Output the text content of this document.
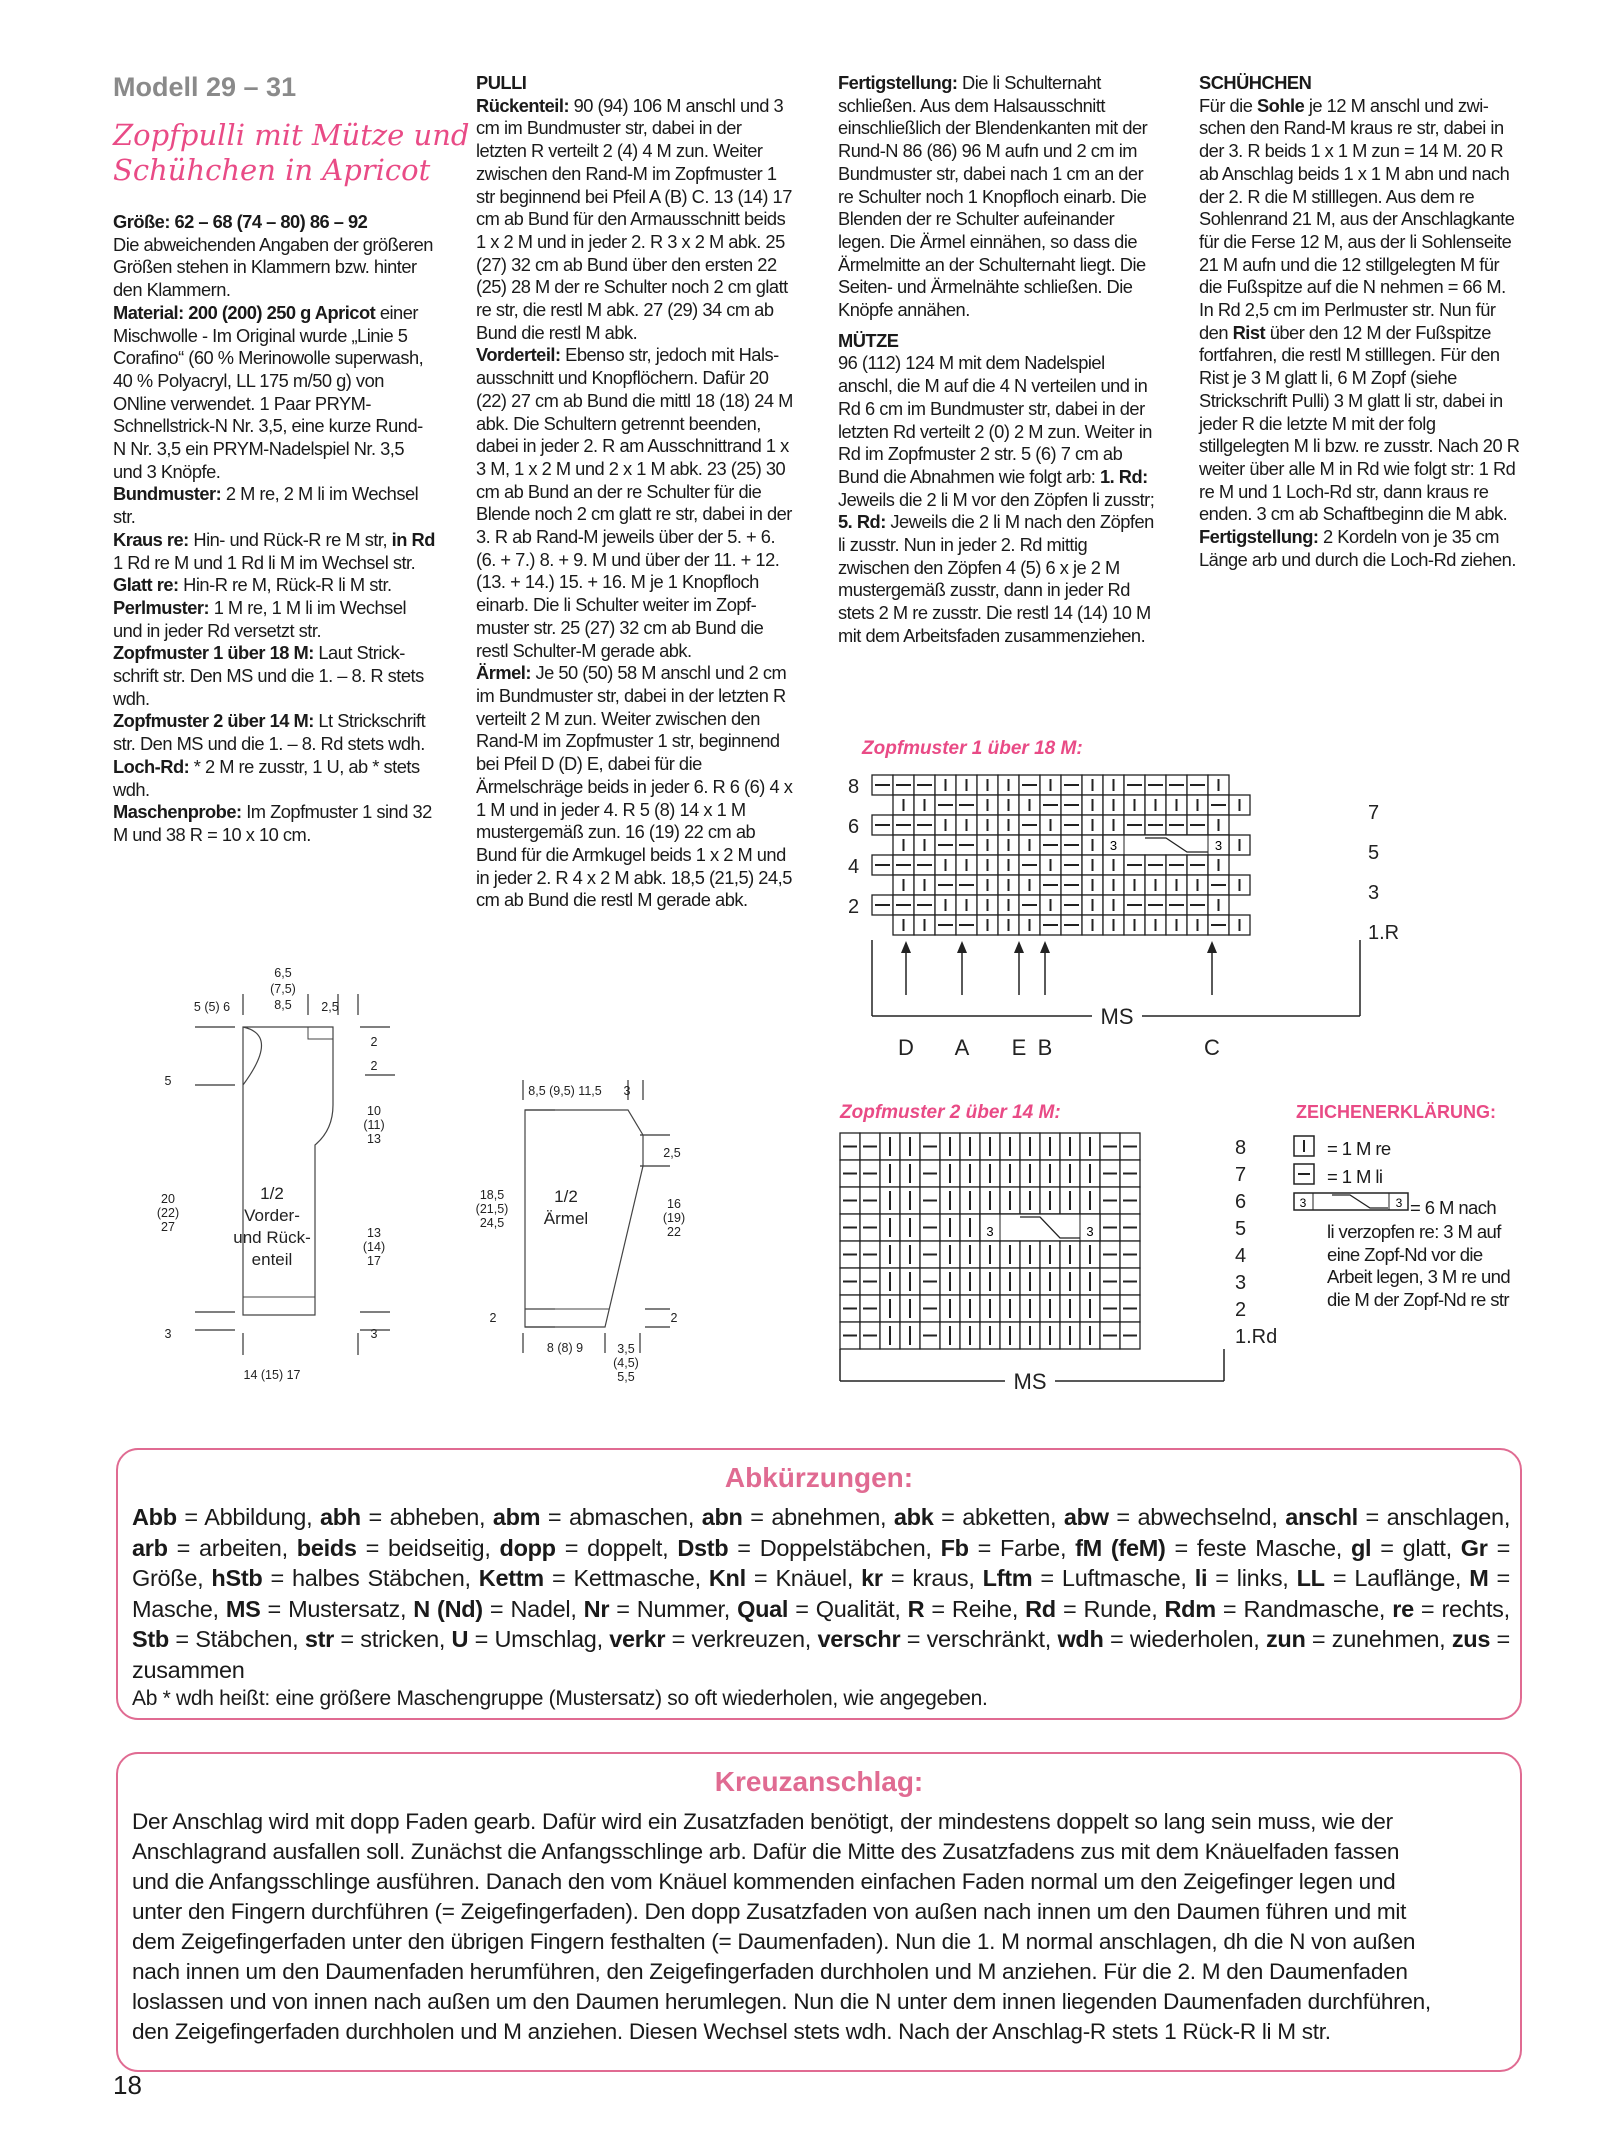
Modell 29 – 31
Zopfpulli mit Mütze und
Schühchen in Apricot

Größe: 62 – 68 (74 – 80) 86 – 92

Die abweichenden Angaben der größeren Größen stehen in Klammern bzw. hinter den Klammern.

Material: 200 (200) 250 g Apricot einer Mischwolle - Im Original wurde „Linie 5 Corafino“ (60 % Merinowolle superwash, 40 % Polyacryl, LL 175 m/50 g) von ONline verwendet. 1 Paar PRYM-Schnellstrick-N Nr. 3,5, eine kurze Rund-N Nr. 3,5 ein PRYM-Nadelspiel Nr. 3,5 und 3 Knöpfe.

Bundmuster: 2 M re, 2 M li im Wechsel str.

Kraus re: Hin- und Rück-R re M str, in Rd 1 Rd re M und 1 Rd li M im Wechsel str.

Glatt re: Hin-R re M, Rück-R li M str.

Perlmuster: 1 M re, 1 M li im Wechsel und in jeder Rd versetzt str.

Zopfmuster 1 über 18 M: Laut Strickschrift str. Den MS und die 1. – 8. R stets wdh.

Zopfmuster 2 über 14 M: Lt Strickschrift str. Den MS und die 1. – 8. Rd stets wdh.

Loch-Rd: * 2 M re zusstr, 1 U, ab * stets wdh.

Maschenprobe: Im Zopfmuster 1 sind 32 M und 38 R = 10 x 10 cm.

PULLI

Rückenteil: 90 (94) 106 M anschl und 3 cm im Bundmuster str, dabei in der letzten R verteilt 2 (4) 4 M zun. Weiter zwischen den Rand-M im Zopfmuster 1 str beginnend bei Pfeil A (B) C. 13 (14) 17 cm ab Bund für den Armausschnitt beids 1 x 2 M und in jeder 2. R 3 x 2 M abk. 25 (27) 32 cm ab Bund über den ersten 22 (25) 28 M der re Schulter noch 2 cm glatt re str, die restl M abk. 27 (29) 34 cm ab Bund die restl M abk.

Vorderteil: Ebenso str, jedoch mit Halsausschnitt und Knopflöchern. Dafür 20 (22) 27 cm ab Bund die mittl 18 (18) 24 M abk. Die Schultern getrennt beenden, dabei in jeder 2. R am Ausschnittrand 1 x 3 M, 1 x 2 M und 2 x 1 M abk. 23 (25) 30 cm ab Bund an der re Schulter für die Blende noch 2 cm glatt re str, dabei in der 3. R ab Rand-M jeweils über der 5. + 6. (6. + 7.) 8. + 9. M und über der 11. + 12. (13. + 14.) 15. + 16. M je 1 Knopfloch einarb. Die li Schulter weiter im Zopfmuster str. 25 (27) 32 cm ab Bund die restl Schulter-M gerade abk.

Ärmel: Je 50 (50) 58 M anschl und 2 cm im Bundmuster str, dabei in der letzten R verteilt 2 M zun. Weiter zwischen den Rand-M im Zopfmuster 1 str, beginnend bei Pfeil D (D) E, dabei für die Ärmelschräge beids in jeder 6. R 6 (6) 4 x 1 M und in jeder 4. R 5 (8) 14 x 1 M mustergemäß zun. 16 (19) 22 cm ab Bund für die Armkugel beids 1 x 2 M und in jeder 2. R 4 x 2 M abk. 18,5 (21,5) 24,5 cm ab Bund die restl M gerade abk.

Fertigstellung: Die li Schulternaht schließen. Aus dem Halsausschnitt einschließlich der Blendenkanten mit der Rund-N 86 (86) 96 M aufn und 2 cm im Bundmuster str, dabei nach 1 cm an der re Schulter noch 1 Knopfloch einarb. Die Blenden der re Schulter aufeinander legen. Die Ärmel einnähen, so dass die Ärmelmitte an der Schulternaht liegt. Die Seiten- und Ärmelnähte schließen. Die Knöpfe annähen.

MÜTZE

96 (112) 124 M mit dem Nadelspiel anschl, die M auf die 4 N verteilen und in Rd 6 cm im Bundmuster str, dabei in der letzten Rd verteilt 2 (0) 2 M zun. Weiter in Rd im Zopfmuster 2 str. 5 (6) 7 cm ab Bund die Abnahmen wie folgt arb: 1. Rd: Jeweils die 2 li M vor den Zöpfen li zusstr; 5. Rd: Jeweils die 2 li M nach den Zöpfen li zusstr. Nun in jeder 2. Rd mittig zwischen den Zöpfen 4 (5) 6 x je 2 M mustergemäß zusstr, dann in jeder Rd stets 2 M re zusstr. Die restl 14 (14) 10 M mit dem Arbeitsfaden zusammenziehen.

SCHÜHCHEN

Für die Sohle je 12 M anschl und zwischen den Rand-M kraus re str, dabei in der 3. R beids 1 x 1 M zun = 14 M. 20 R ab Anschlag beids 1 x 1 M abn und nach der 2. R die M stilllegen. Aus dem re Sohlenrand 21 M, aus der Anschlagkante für die Ferse 12 M, aus der li Sohlenseite 21 M aufn und die 12 stillgelegten M für die Fußspitze auf die N nehmen = 66 M. In Rd 2,5 cm im Perlmuster str. Nun für den Rist über den 12 M der Fußspitze fortfahren, die restl M stilllegen. Für den Rist je 3 M glatt li, 6 M Zopf (siehe Strickschrift Pulli) 3 M glatt li str, dabei in jeder R die letzte M mit der folg stillgelegten M li bzw. re zusstr. Nach 20 R weiter über alle M in Rd wie folgt str: 1 Rd re M und 1 Loch-Rd str, dann kraus re enden. 3 cm ab Schaftbeginn die M abk.

Fertigstellung: 2 Kordeln von je 35 cm Länge arb und durch die Loch-Rd ziehen.

5 (5) 6
6,5
(7,5)
8,5 2,5
5
20
(22)
27
3
2
2
10
(11)
13
13
(14)
17
3
14 (15) 17
1/2
Vorder-
und Rück-
enteil
8,5 (9,5) 11,5 3
2,5
18,5
(21,5)
24,5
16
(19)
22
2	2
8 (8) 9	3,5
(4,5)
5,5
1/2
Ärmel
Zopfmuster 1 über 18 M:
3	3
8
6
4
2
7
5
3
1.R
D A E B	C
MS
Zopfmuster 2 über 14 M:
3	3
8
7
6
5
4
3
2
1.Rd
MS
ZEICHENERKLÄRUNG:
3	3
= 1 M re
= 1 M li
= 6 M nach
li verzopfen re: 3 M auf
eine Zopf-Nd vor die
Arbeit legen, 3 M re und
die M der Zopf-Nd re str
Abkürzungen:
Abb = Abbildung, abh = abheben, abm = abmaschen, abn = abnehmen, abk = abketten, abw = abwechselnd, anschl = anschlagen, arb = arbeiten, beids = beidseitig, dopp = doppelt, Dstb = Doppelstäbchen, Fb = Farbe, fM (feM) = feste Masche, gl = glatt, Gr = Größe, hStb = halbes Stäbchen, Kettm = Kettmasche, Knl = Knäuel, kr = kraus, Lftm = Luftmasche, li = links, LL = Lauflänge, M = Masche, MS = Mustersatz, N (Nd) = Nadel, Nr = Nummer, Qual = Qualität, R = Reihe, Rd = Runde, Rdm = Randmasche, re = rechts, Stb = Stäbchen, str = stricken, U = Umschlag, verkr = verkreuzen, verschr = verschränkt, wdh = wiederholen, zun = zunehmen, zus = zusammen
Ab * wdh heißt: eine größere Maschengruppe (Mustersatz) so oft wiederholen, wie angegeben.
Kreuzanschlag:
Der Anschlag wird mit dopp Faden gearb. Dafür wird ein Zusatzfaden benötigt, der mindestens doppelt so lang sein muss, wie der
Anschlagrand ausfallen soll. Zunächst die Anfangsschlinge arb. Dafür die Mitte des Zusatzfadens zus mit dem Knäuelfaden fassen
und die Anfangsschlinge ausführen. Danach den vom Knäuel kommenden einfachen Faden normal um den Zeigefinger legen und
unter den Fingern durchführen (= Zeigefingerfaden). Den dopp Zusatzfaden von außen nach innen um den Daumen führen und mit
dem Zeigefingerfaden unter den übrigen Fingern festhalten (= Daumenfaden). Nun die 1. M normal anschlagen, dh die N von außen
nach innen um den Daumenfaden herumführen, den Zeigefingerfaden durchholen und M anziehen. Für die 2. M den Daumenfaden
loslassen und von innen nach außen um den Daumen herumlegen. Nun die N unter dem innen liegenden Daumenfaden durchführen,
den Zeigefingerfaden durchholen und M anziehen. Diesen Wechsel stets wdh. Nach der Anschlag-R stets 1 Rück-R li M str.
18
